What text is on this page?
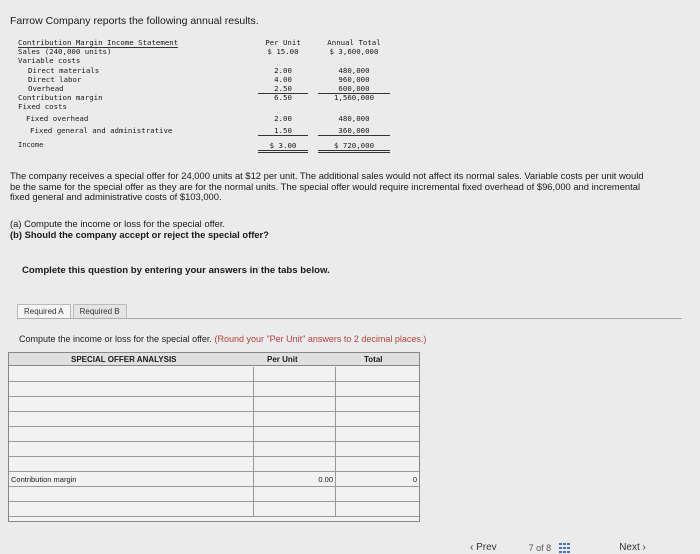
Farrow Company reports the following annual results.
Contribution Margin Income Statement	Per Unit	Annual Total
Sales (240,000 units)	$ 15.00	$ 3,600,000
Variable costs
Direct materials	2.00	480,000
Direct labor	4.00	960,000
Overhead	2.50	600,000
Contribution margin	6.50	1,560,000
Fixed costs
Fixed overhead	2.00	480,000
Fixed general and administrative	1.50	360,000
Income	$ 3.00	$ 720,000
The company receives a special offer for 24,000 units at $12 per unit. The additional sales would not affect its normal sales. Variable costs per unit would be the same for the special offer as they are for the normal units. The special offer would require incremental fixed overhead of $96,000 and incremental fixed general and administrative costs of $103,000.
(a) Compute the income or loss for the special offer.
(b) Should the company accept or reject the special offer?
Complete this question by entering your answers in the tabs below.
Required A	Required B
Compute the income or loss for the special offer. (Round your "Per Unit" answers to 2 decimal places.)
SPECIAL OFFER ANALYSIS	Per Unit	Total
Contribution margin	0.00	0
‹ Prev	7 of 8	Next ›
